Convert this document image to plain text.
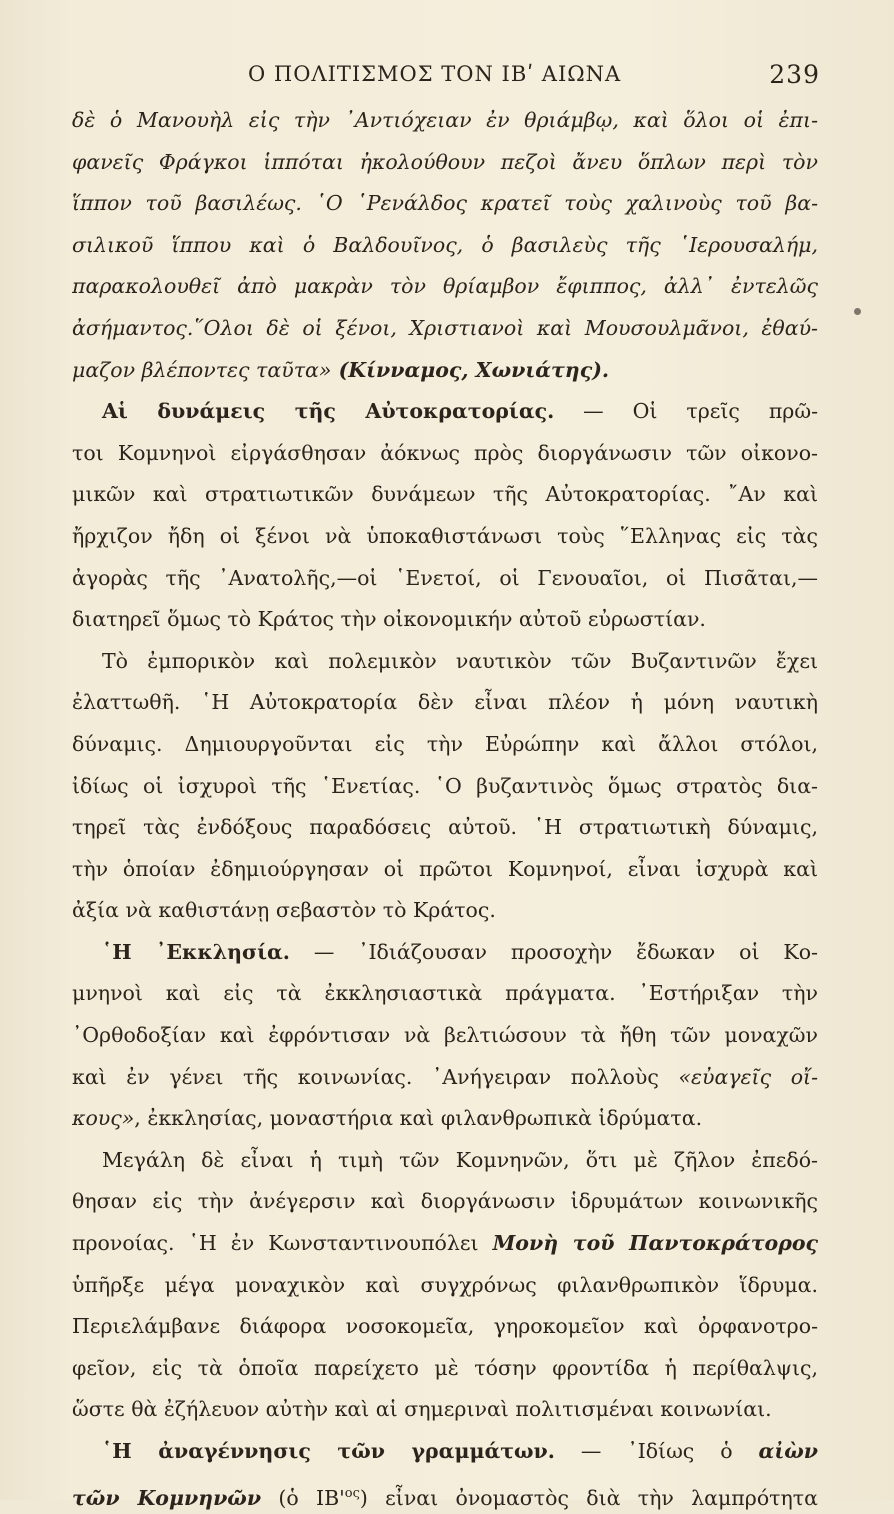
Ο ΠΟΛΙΤΙΣΜΟΣ ΤΟΝ ΙΒʹ ΑΙΩΝΑ	239
δὲ ὁ Μανουὴλ εἰς τὴν ᾿Αντιόχειαν ἐν θριάμβῳ, καὶ ὅλοι οἱ ἐπι-
φανεῖς Φράγκοι ἱππόται ἠκολούθουν πεζοὶ ἄνευ ὅπλων περὶ τὸν
ἵππον τοῦ βασιλέως. ῾Ο ῾Ρενάλδος κρατεῖ τοὺς χαλινοὺς τοῦ βα-
σιλικοῦ ἵππου καὶ ὁ Βαλδουῖνος, ὁ βασιλεὺς τῆς ῾Ιερουσαλήμ,
παρακολουθεῖ ἀπὸ μακρὰν τὸν θρίαμβον ἔφιππος, ἀλλ᾿ ἐντελῶς
ἀσήμαντος.῞Ολοι δὲ οἱ ξένοι, Χριστιανοὶ καὶ Μουσουλμᾶνοι, ἐθαύ-
μαζον βλέποντες ταῦτα» (Κίνναμος, Χωνιάτης).
Αἱ δυνάμεις τῆς Αὐτοκρατορίας. — Οἱ τρεῖς πρῶ-
τοι Κομνηνοὶ εἰργάσθησαν ἀόκνως πρὸς διοργάνωσιν τῶν οἰκονο-
μικῶν καὶ στρατιωτικῶν δυνάμεων τῆς Αὐτοκρατορίας. ῎Αν καὶ
ἤρχιζον ἤδη οἱ ξένοι νὰ ὑποκαθιστάνωσι τοὺς ῞Ελληνας εἰς τὰς
ἀγορὰς τῆς ᾿Ανατολῆς,—οἱ ῾Ενετοί, οἱ Γενουαῖοι, οἱ Πισᾶται,—
διατηρεῖ ὅμως τὸ Κράτος τὴν οἰκονομικήν αὐτοῦ εὐρωστίαν.
Τὸ ἐμπορικὸν καὶ πολεμικὸν ναυτικὸν τῶν Βυζαντινῶν ἔχει
ἐλαττωθῆ. ῾Η Αὐτοκρατορία δὲν εἶναι πλέον ἡ μόνη ναυτικὴ
δύναμις. Δημιουργοῦνται εἰς τὴν Εὐρώπην καὶ ἄλλοι στόλοι,
ἰδίως οἱ ἰσχυροὶ τῆς ῾Ενετίας. ῾Ο βυζαντινὸς ὅμως στρατὸς δια-
τηρεῖ τὰς ἐνδόξους παραδόσεις αὐτοῦ. ῾Η στρατιωτικὴ δύναμις,
τὴν ὁποίαν ἐδημιούργησαν οἱ πρῶτοι Κομνηνοί, εἶναι ἰσχυρὰ καὶ
ἀξία νὰ καθιστάνῃ σεβαστὸν τὸ Κράτος.
῾Η ᾿Εκκλησία. — ᾿Ιδιάζουσαν προσοχὴν ἔδωκαν οἱ Κο-
μνηνοὶ καὶ εἰς τὰ ἐκκλησιαστικὰ πράγματα. ᾿Εστήριξαν τὴν
᾿Ορθοδοξίαν καὶ ἐφρόντισαν νὰ βελτιώσουν τὰ ἤθη τῶν μοναχῶν
καὶ ἐν γένει τῆς κοινωνίας. ᾿Ανήγειραν πολλοὺς «εὐαγεῖς οἴ-
κους», ἐκκλησίας, μοναστήρια καὶ φιλανθρωπικὰ ἱδρύματα.
Μεγάλη δὲ εἶναι ἡ τιμὴ τῶν Κομνηνῶν, ὅτι μὲ ζῆλον ἐπεδό-
θησαν εἰς τὴν ἀνέγερσιν καὶ διοργάνωσιν ἱδρυμάτων κοινωνικῆς
προνοίας. ῾Η ἐν Κωνσταντινουπόλει Μονὴ τοῦ Παντοκράτορος
ὑπῆρξε μέγα μοναχικὸν καὶ συγχρόνως φιλανθρωπικὸν ἵδρυμα.
Περιελάμβανε διάφορα νοσοκομεῖα, γηροκομεῖον καὶ ὀρφανοτρο-
φεῖον, εἰς τὰ ὁποῖα παρείχετο μὲ τόσην φροντίδα ἡ περίθαλψις,
ὥστε θὰ ἐζήλευον αὐτὴν καὶ αἱ σημεριναὶ πολιτισμέναι κοινωνίαι.
῾Η ἀναγέννησις τῶν γραμμάτων. — ᾿Ιδίως ὁ αἰὼν
τῶν Κομνηνῶν (ὁ $IB'^{o\varsigma}$) εἶναι ὀνομαστὸς διὰ τὴν λαμπρότητα
